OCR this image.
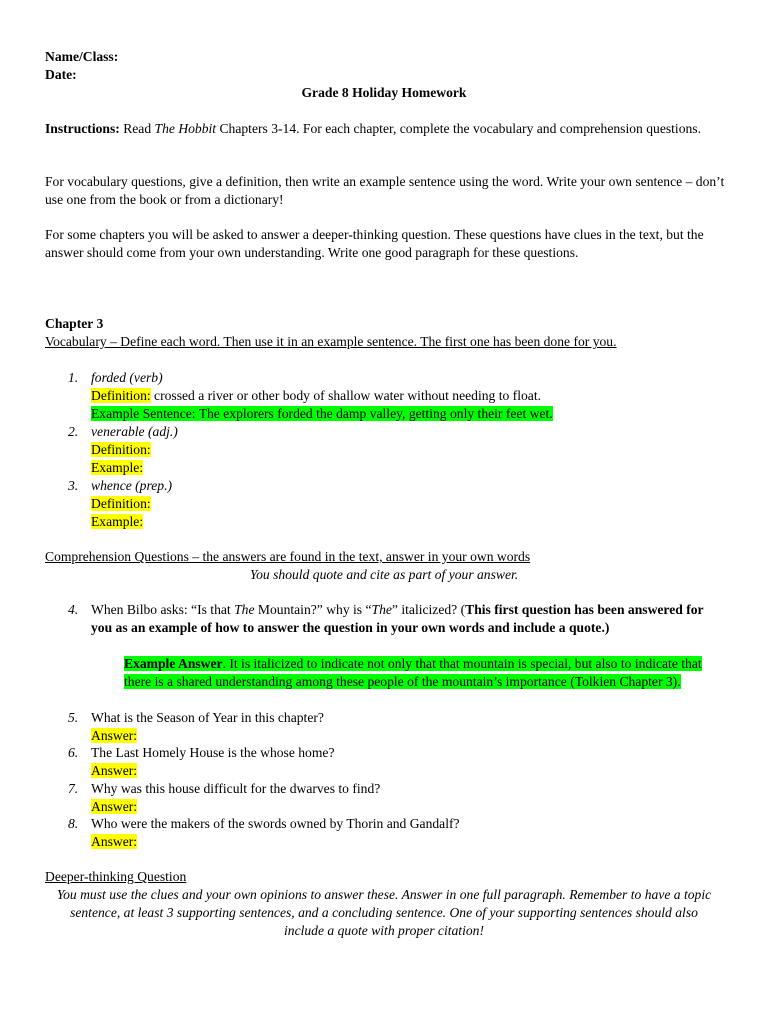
Name/Class:
Date:
Grade 8 Holiday Homework

Instructions: Read The Hobbit Chapters 3-14. For each chapter, complete the vocabulary and comprehension questions.

For vocabulary questions, give a definition, then write an example sentence using the word. Write your own sentence – don’t use one from the book or from a dictionary!

For some chapters you will be asked to answer a deeper-thinking question. These questions have clues in the text, but the answer should come from your own understanding. Write one good paragraph for these questions.

Chapter 3
Vocabulary – Define each word. Then use it in an example sentence. The first one has been done for you.
1. forded (verb)
Definition: crossed a river or other body of shallow water without needing to float.
Example Sentence: The explorers forded the damp valley, getting only their feet wet.
2. venerable (adj.)
Definition:
Example:
3. whence (prep.)
Definition:
Example:
Comprehension Questions – the answers are found in the text, answer in your own words
You should quote and cite as part of your answer.
4. When Bilbo asks: “Is that The Mountain?” why is “The” italicized? (This first question has been answered for you as an example of how to answer the question in your own words and include a quote.)
Example Answer. It is italicized to indicate not only that that mountain is special, but also to indicate that there is a shared understanding among these people of the mountain’s importance (Tolkien Chapter 3).
5. What is the Season of Year in this chapter?
Answer:
6. The Last Homely House is the whose home?
Answer:
7. Why was this house difficult for the dwarves to find?
Answer:
8. Who were the makers of the swords owned by Thorin and Gandalf?
Answer:
Deeper-thinking Question

You must use the clues and your own opinions to answer these. Answer in one full paragraph. Remember to have a topic sentence, at least 3 supporting sentences, and a concluding sentence. One of your supporting sentences should also include a quote with proper citation!
